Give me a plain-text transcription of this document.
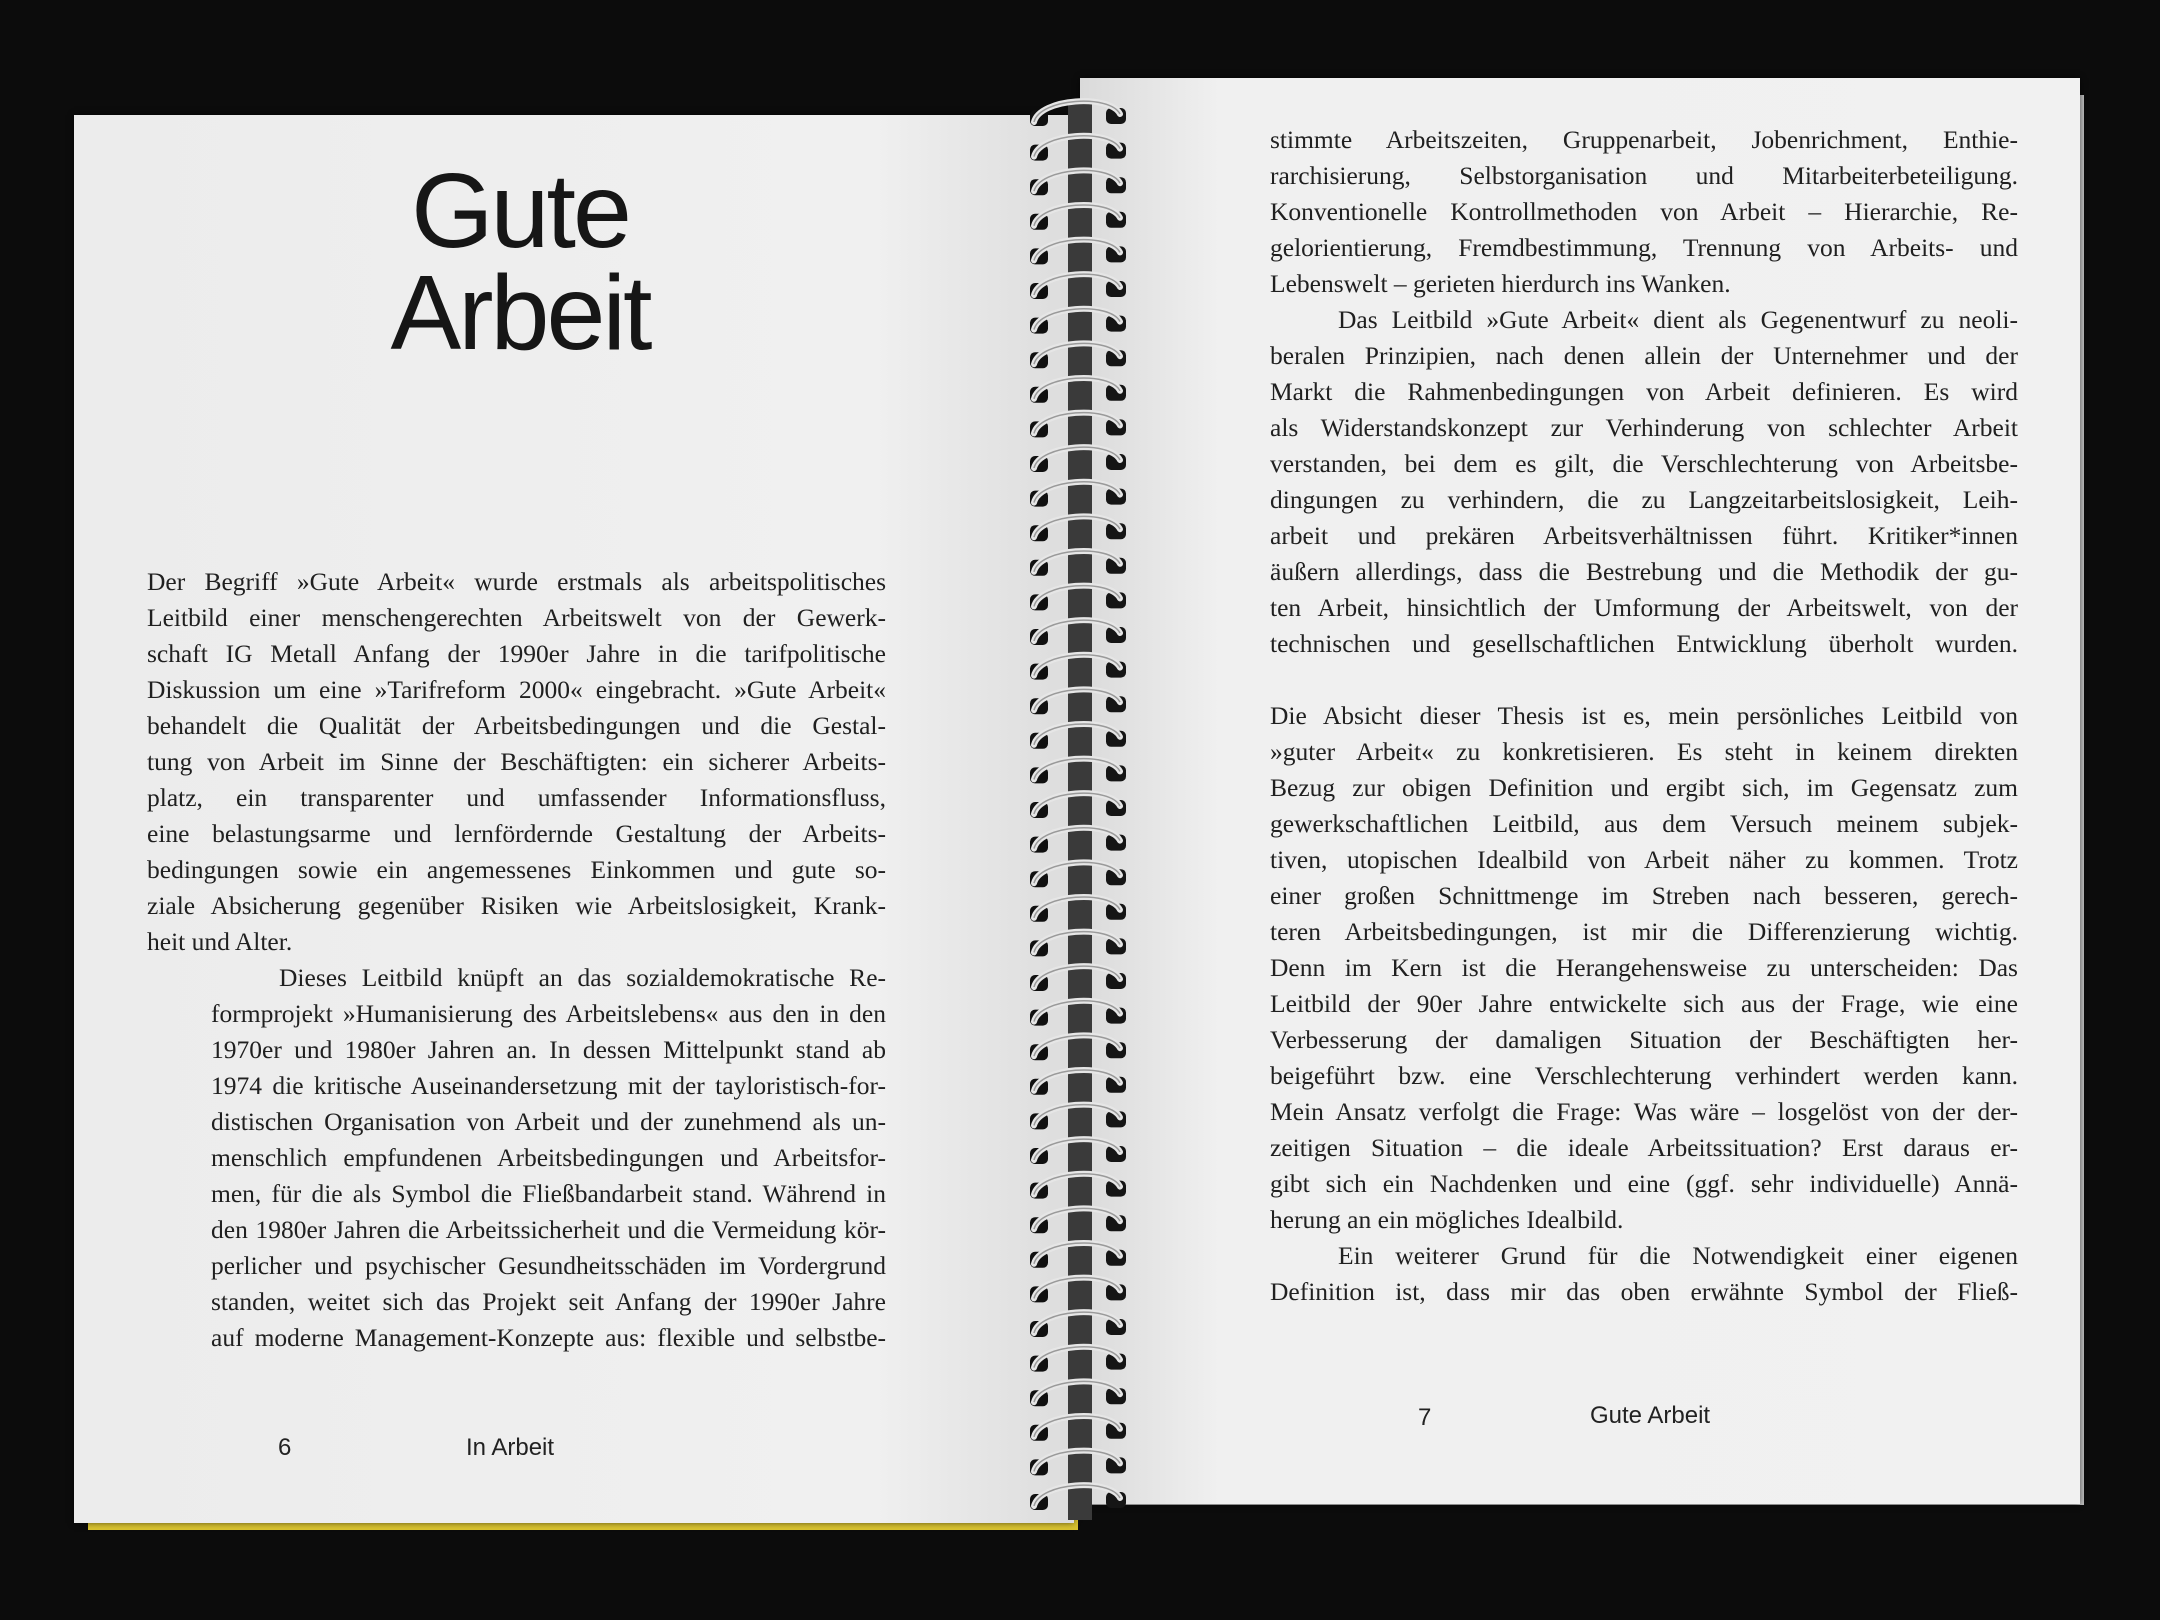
Gute
Arbeit

Der Begriff »Gute Arbeit« wurde erstmals als arbeitspolitisches
Leitbild einer menschengerechten Arbeitswelt von der Gewerk-
schaft IG Metall Anfang der 1990er Jahre in die tarifpolitische
Diskussion um eine »Tarifreform 2000« eingebracht. »Gute Arbeit«
behandelt die Qualität der Arbeitsbedingungen und die Gestal-
tung von Arbeit im Sinne der Beschäftigten: ein sicherer Arbeits-
platz, ein transparenter und umfassender Informationsfluss,
eine belastungsarme und lernfördernde Gestaltung der Arbeits-
bedingungen sowie ein angemessenes Einkommen und gute so-
ziale Absicherung gegenüber Risiken wie Arbeitslosigkeit, Krank-
heit und Alter.

Dieses Leitbild knüpft an das sozialdemokratische Re-
formprojekt »Humanisierung des Arbeitslebens« aus den in den
1970er und 1980er Jahren an. In dessen Mittelpunkt stand ab
1974 die kritische Auseinandersetzung mit der tayloristisch-for-
distischen Organisation von Arbeit und der zunehmend als un-
menschlich empfundenen Arbeitsbedingungen und Arbeitsfor-
men, für die als Symbol die Fließbandarbeit stand. Während in
den 1980er Jahren die Arbeitssicherheit und die Vermeidung kör-
perlicher und psychischer Gesundheitsschäden im Vordergrund
standen, weitet sich das Projekt seit Anfang der 1990er Jahre
auf moderne Management-Konzepte aus: flexible und selbstbe-

6	In Arbeit

stimmte Arbeitszeiten, Gruppenarbeit, Jobenrichment, Enthie-
rarchisierung, Selbstorganisation und Mitarbeiterbeteiligung.
Konventionelle Kontrollmethoden von Arbeit – Hierarchie, Re-
gelorientierung, Fremdbestimmung, Trennung von Arbeits- und
Lebenswelt – gerieten hierdurch ins Wanken.

Das Leitbild »Gute Arbeit« dient als Gegenentwurf zu neoli-
beralen Prinzipien, nach denen allein der Unternehmer und der
Markt die Rahmenbedingungen von Arbeit definieren. Es wird
als Widerstandskonzept zur Verhinderung von schlechter Arbeit
verstanden, bei dem es gilt, die Verschlechterung von Arbeitsbe-
dingungen zu verhindern, die zu Langzeitarbeitslosigkeit, Leih-
arbeit und prekären Arbeitsverhältnissen führt. Kritiker*innen
äußern allerdings, dass die Bestrebung und die Methodik der gu-
ten Arbeit, hinsichtlich der Umformung der Arbeitswelt, von der
technischen und gesellschaftlichen Entwicklung überholt wurden.

Die Absicht dieser Thesis ist es, mein persönliches Leitbild von
»guter Arbeit« zu konkretisieren. Es steht in keinem direkten
Bezug zur obigen Definition und ergibt sich, im Gegensatz zum
gewerkschaftlichen Leitbild, aus dem Versuch meinem subjek-
tiven, utopischen Idealbild von Arbeit näher zu kommen. Trotz
einer großen Schnittmenge im Streben nach besseren, gerech-
teren Arbeitsbedingungen, ist mir die Differenzierung wichtig.
Denn im Kern ist die Herangehensweise zu unterscheiden: Das
Leitbild der 90er Jahre entwickelte sich aus der Frage, wie eine
Verbesserung der damaligen Situation der Beschäftigten her-
beigeführt bzw. eine Verschlechterung verhindert werden kann.
Mein Ansatz verfolgt die Frage: Was wäre – losgelöst von der der-
zeitigen Situation – die ideale Arbeitssituation? Erst daraus er-
gibt sich ein Nachdenken und eine (ggf. sehr individuelle) Annä-
herung an ein mögliches Idealbild.

Ein weiterer Grund für die Notwendigkeit einer eigenen
Definition ist, dass mir das oben erwähnte Symbol der Fließ-

7	Gute Arbeit
